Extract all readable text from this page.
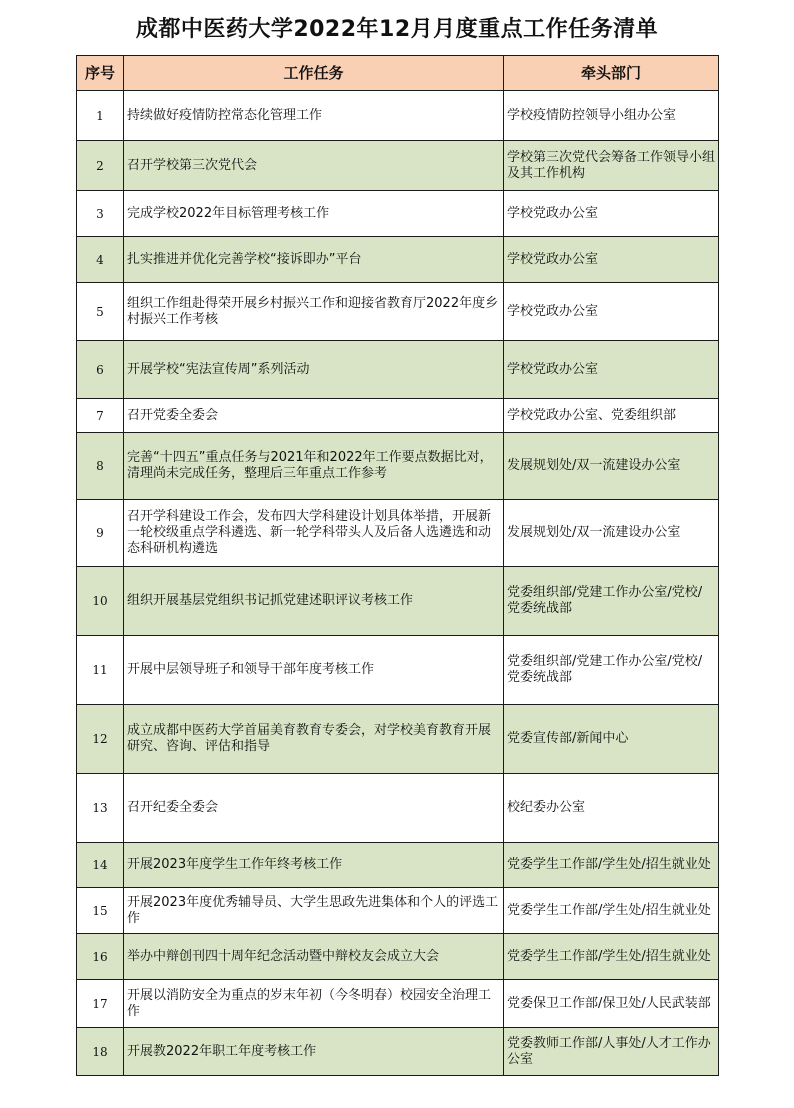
成都中医药大学2022年12月月度重点工作任务清单
序号	工作任务	牵头部门
1	持续做好疫情防控常态化管理工作	学校疫情防控领导小组办公室
2	召开学校第三次党代会	学校第三次党代会筹备工作领导小组及其工作机构
3	完成学校2022年目标管理考核工作	学校党政办公室
4	扎实推进并优化完善学校“接诉即办”平台	学校党政办公室
5	组织工作组赴得荣开展乡村振兴工作和迎接省教育厅2022年度乡村振兴工作考核	学校党政办公室
6	开展学校“宪法宣传周”系列活动	学校党政办公室
7	召开党委全委会	学校党政办公室、党委组织部
8	完善“十四五”重点任务与2021年和2022年工作要点数据比对，清理尚未完成任务，整理后三年重点工作参考	发展规划处/双一流建设办公室
9	召开学科建设工作会，发布四大学科建设计划具体举措，开展新一轮校级重点学科遴选、新一轮学科带头人及后备人选遴选和动态科研机构遴选	发展规划处/双一流建设办公室
10	组织开展基层党组织书记抓党建述职评议考核工作	党委组织部/党建工作办公室/党校/党委统战部
11	开展中层领导班子和领导干部年度考核工作	党委组织部/党建工作办公室/党校/党委统战部
12	成立成都中医药大学首届美育教育专委会，对学校美育教育开展研究、咨询、评估和指导	党委宣传部/新闻中心
13	召开纪委全委会	校纪委办公室
14	开展2023年度学生工作年终考核工作	党委学生工作部/学生处/招生就业处
15	开展2023年度优秀辅导员、大学生思政先进集体和个人的评选工作	党委学生工作部/学生处/招生就业处
16	举办中辩创刊四十周年纪念活动暨中辩校友会成立大会	党委学生工作部/学生处/招生就业处
17	开展以消防安全为重点的岁末年初（今冬明春）校园安全治理工作	党委保卫工作部/保卫处/人民武装部
18	开展教2022年职工年度考核工作	党委教师工作部/人事处/人才工作办公室
